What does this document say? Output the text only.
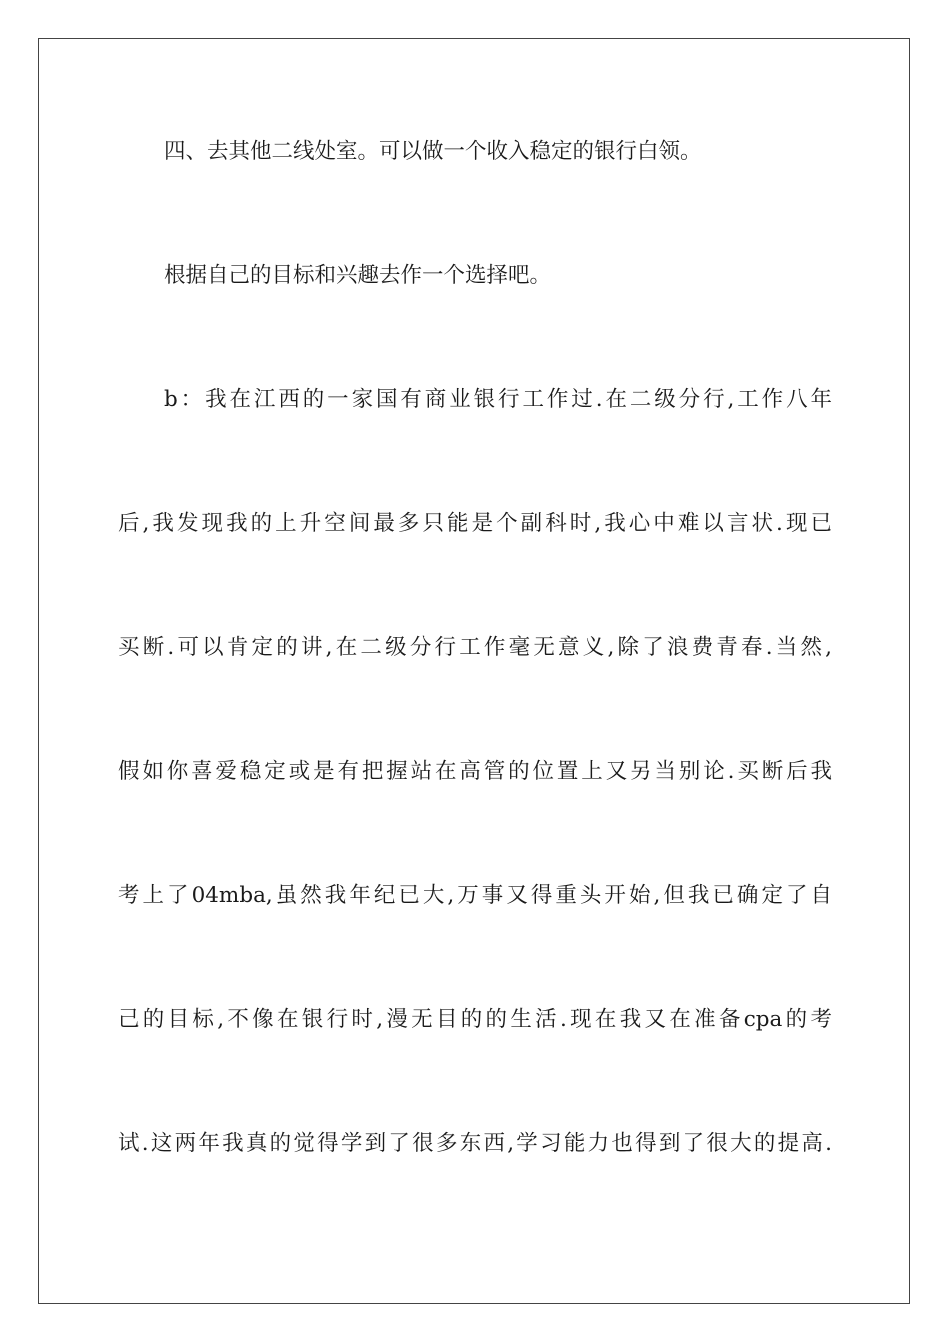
四、去其他二线处室。可以做一个收入稳定的银行白领。
根据自己的目标和兴趣去作一个选择吧。
b：我在江西的一家国有商业银行工作过.在二级分行,工作八年
后,我发现我的上升空间最多只能是个副科时,我心中难以言状.现已
买断.可以肯定的讲,在二级分行工作毫无意义,除了浪费青春.当然,
假如你喜爱稳定或是有把握站在高管的位置上又另当别论.买断后我
考上了04mba,虽然我年纪已大,万事又得重头开始,但我已确定了自
己的目标,不像在银行时,漫无目的的生活.现在我又在准备cpa的考
试.这两年我真的觉得学到了很多东西,学习能力也得到了很大的提高.
